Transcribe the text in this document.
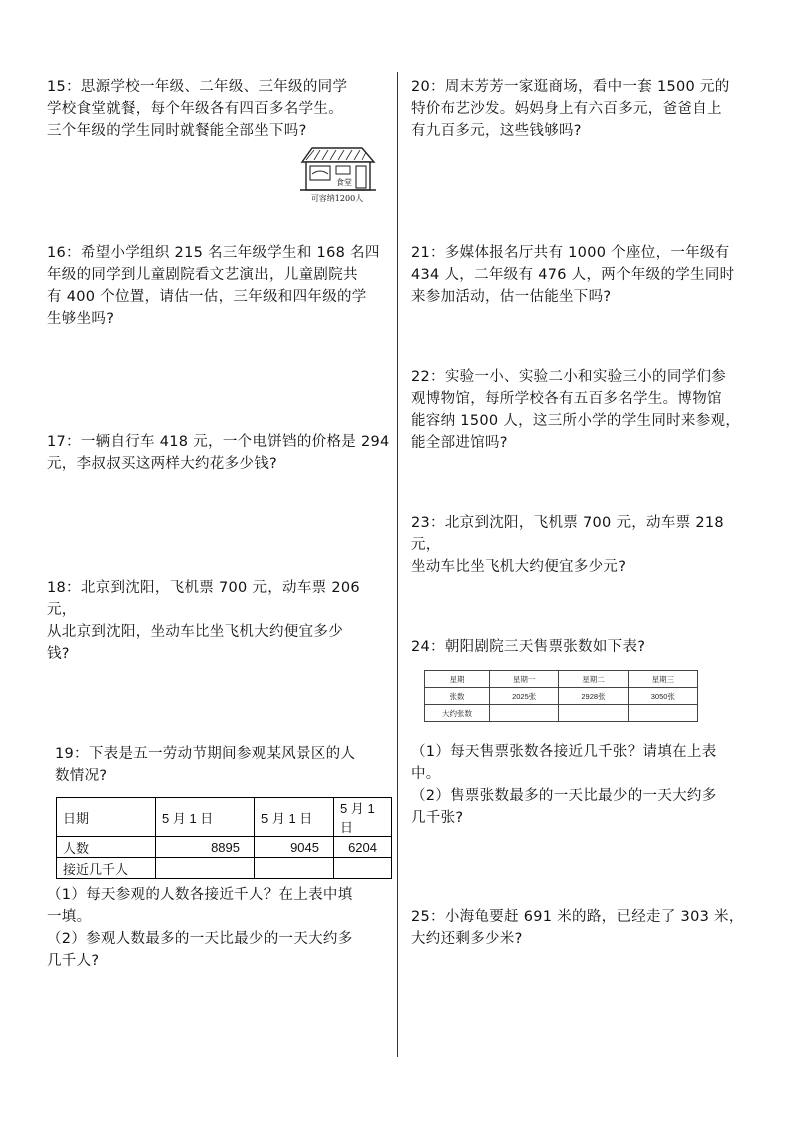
15：思源学校一年级、二年级、三年级的同学
学校食堂就餐，每个年级各有四百多名学生。
三个年级的学生同时就餐能全部坐下吗?
食堂
可容纳1200人
16：希望小学组织 215 名三年级学生和 168 名四
年级的同学到儿童剧院看文艺演出，儿童剧院共
有 400 个位置，请估一估，三年级和四年级的学
生够坐吗?
17：一辆自行车 418 元，一个电饼铛的价格是 294
元，李叔叔买这两样大约花多少钱?
18：北京到沈阳，飞机票 700 元，动车票 206 元，
从北京到沈阳，坐动车比坐飞机大约便宜多少
钱?
19：下表是五一劳动节期间参观某风景区的人
数情况?
日期	5 月 1 日	5 月 1 日	5 月 1 日
人数	8895	9045	6204
接近几千人			
（1）每天参观的人数各接近千人？在上表中填
一填。
（2）参观人数最多的一天比最少的一天大约多
几千人?
20：周末芳芳一家逛商场，看中一套 1500 元的
特价布艺沙发。妈妈身上有六百多元，爸爸自上
有九百多元，这些钱够吗?
21：多媒体报名厅共有 1000 个座位，一年级有
434 人，二年级有 476 人，两个年级的学生同时
来参加活动，估一估能坐下吗?
22：实验一小、实验二小和实验三小的同学们参
观博物馆，每所学校各有五百多名学生。博物馆
能容纳 1500 人，这三所小学的学生同时来参观，
能全部进馆吗?
23：北京到沈阳，飞机票 700 元，动车票 218 元，
坐动车比坐飞机大约便宜多少元?
24：朝阳剧院三天售票张数如下表?
星期	星期一	星期二	星期三
张数	2025张	2928张	3050张
大约张数			
（1）每天售票张数各接近几千张？请填在上表
中。
（2）售票张数最多的一天比最少的一天大约多
几千张?
25：小海龟要赶 691 米的路，已经走了 303 米，
大约还剩多少米?
